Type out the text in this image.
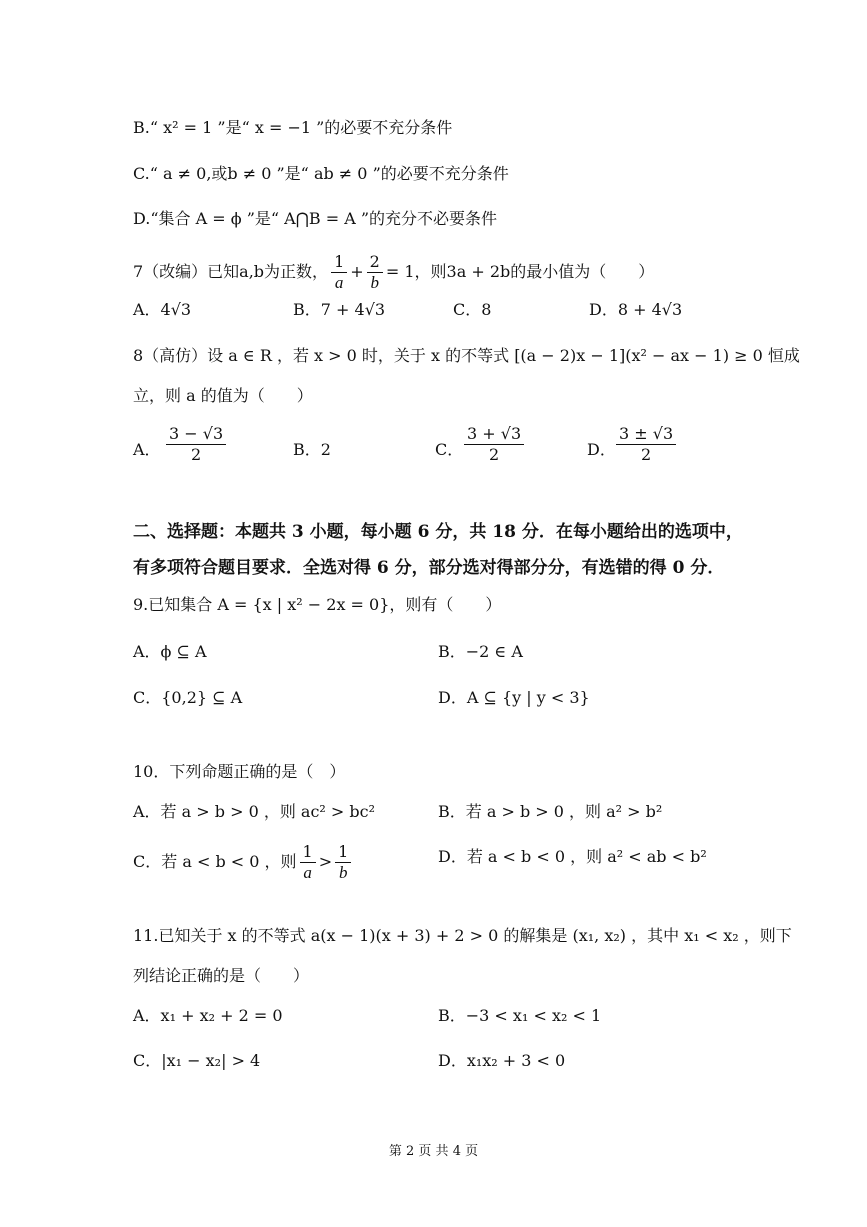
B.“ x² = 1 ”是“ x = −1 ”的必要不充分条件
C.“ a ≠ 0,或b ≠ 0 ”是“ ab ≠ 0 ”的必要不充分条件
D.“集合 A = ϕ ”是“ A⋂B = A ”的充分不必要条件
7（改编）已知a,b为正数， $\frac{1}{a} + \frac{2}{b} = 1$，则3a + 2b的最小值为（　　）
A．4√3	B．7 + 4√3	C．8	D．8 + 4√3
8（高仿）设 a ∈ R ，若 x > 0 时，关于 x 的不等式 [(a − 2)x − 1](x² − ax − 1) ≥ 0 恒成
立，则 a 的值为（　　）
A． $\frac{3 - √3}{2}$	B．2	C． $\frac{3 + √3}{2}$	D． $\frac{3 \pm √3}{2}$
二、选择题：本题共 3 小题，每小题 6 分，共 18 分．在每小题给出的选项中，
有多项符合题目要求．全选对得 6 分，部分选对得部分分，有选错的得 0 分．
9.已知集合 A = {x | x² − 2x = 0}，则有（　　）
A．ϕ ⊆ A	B．−2 ∈ A
C．{0,2} ⊆ A	D．A ⊆ {y | y < 3}
10．下列命题正确的是（　）
A．若 a > b > 0 ，则 ac² > bc²	B．若 a > b > 0 ，则 a² > b²
C．若 a < b < 0 ，则 $\frac{1}{a} > \frac{1}{b}$	D．若 a < b < 0 ，则 a² < ab < b²
11.已知关于 x 的不等式 a(x − 1)(x + 3) + 2 > 0 的解集是 (x₁, x₂) ，其中 x₁ < x₂ ，则下
列结论正确的是（　　）
A．x₁ + x₂ + 2 = 0	B．−3 < x₁ < x₂ < 1
C．|x₁ − x₂| > 4	D．x₁x₂ + 3 < 0
第 2 页 共 4 页
